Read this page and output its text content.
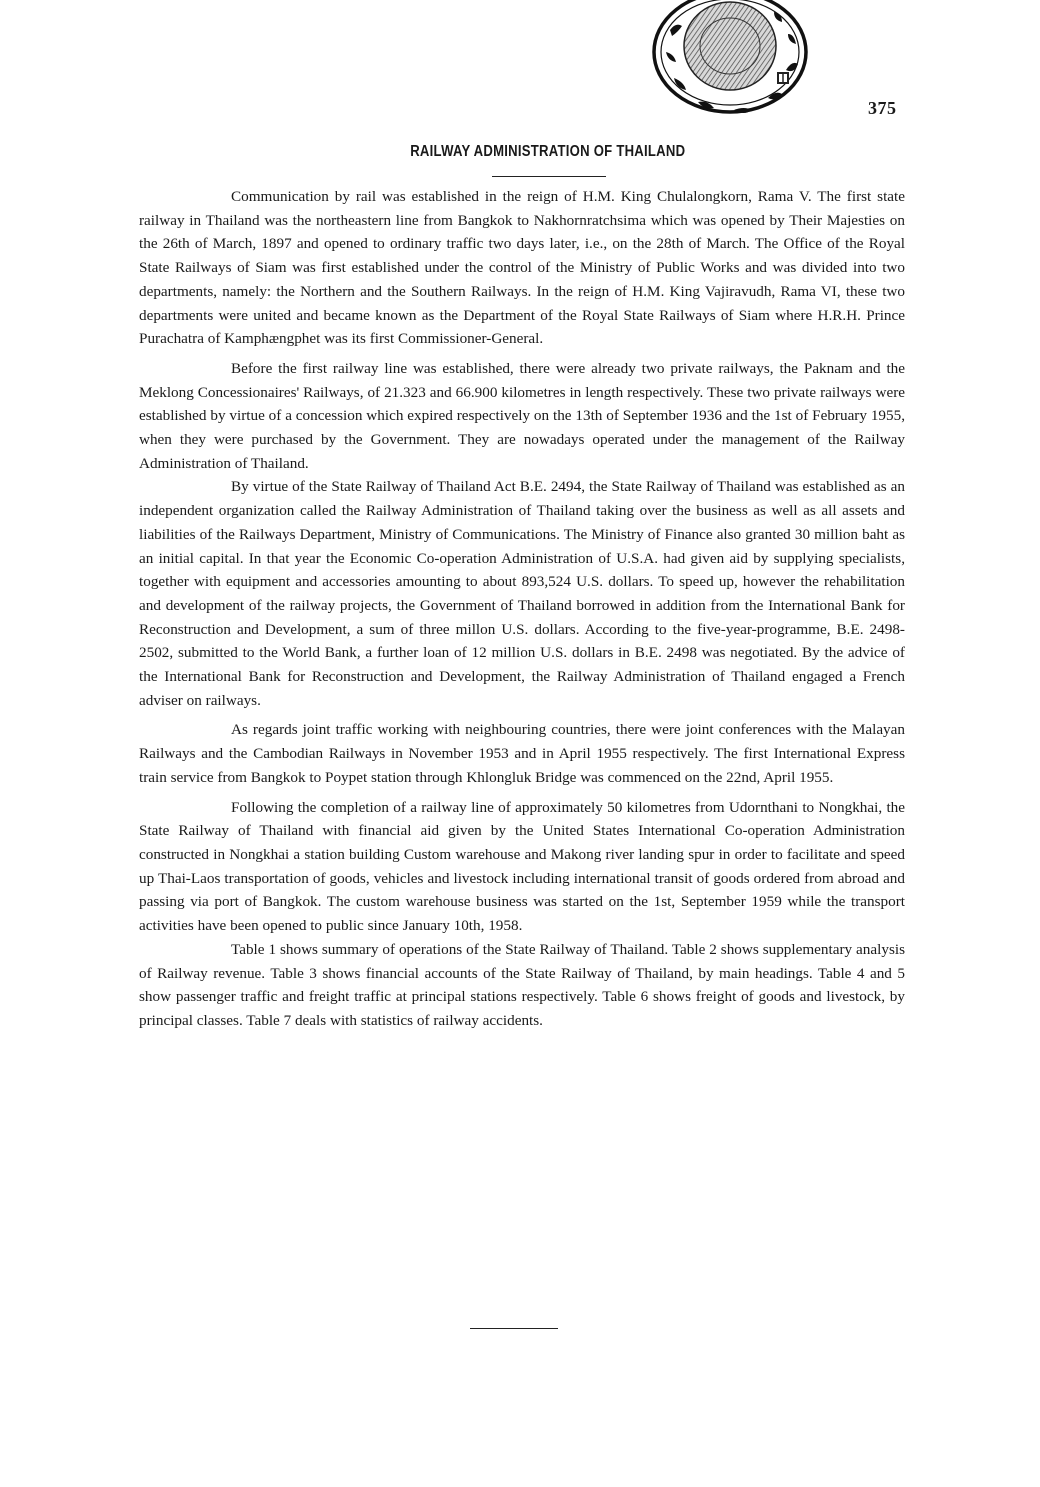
375
RAILWAY ADMINISTRATION OF THAILAND

Communication by rail was established in the reign of H.M. King Chulalongkorn, Rama V. The first state railway in Thailand was the northeastern line from Bangkok to Nakhornratchsima which was opened by Their Majesties on the 26th of March, 1897 and opened to ordinary traffic two days later, i.e., on the 28th of March. The Office of the Royal State Railways of Siam was first established under the control of the Ministry of Public Works and was divided into two departments, namely: the Northern and the Southern Railways. In the reign of H.M. King Vajiravudh, Rama VI, these two departments were united and became known as the Department of the Royal State Railways of Siam where H.R.H. Prince Purachatra of Kamphængphet was its first Commissioner-General.

Before the first railway line was established, there were already two private railways, the Paknam and the Meklong Concessionaires' Railways, of 21.323 and 66.900 kilometres in length respectively. These two private railways were established by virtue of a concession which expired respectively on the 13th of September 1936 and the 1st of February 1955, when they were purchased by the Government. They are nowadays operated under the management of the Railway Administration of Thailand.

By virtue of the State Railway of Thailand Act B.E. 2494, the State Railway of Thailand was established as an independent organization called the Railway Administration of Thailand taking over the business as well as all assets and liabilities of the Railways Department, Ministry of Communications. The Ministry of Finance also granted 30 million baht as an initial capital. In that year the Economic Co-operation Administration of U.S.A. had given aid by supplying specialists, together with equipment and accessories amounting to about 893,524 U.S. dollars. To speed up, however the rehabilitation and development of the railway projects, the Government of Thailand borrowed in addition from the International Bank for Reconstruction and Development, a sum of three millon U.S. dollars. According to the five-year-programme, B.E. 2498-2502, submitted to the World Bank, a further loan of 12 million U.S. dollars in B.E. 2498 was negotiated. By the advice of the International Bank for Reconstruction and Development, the Railway Administration of Thailand engaged a French adviser on railways.

As regards joint traffic working with neighbouring countries, there were joint conferences with the Malayan Railways and the Cambodian Railways in November 1953 and in April 1955 respectively. The first International Express train service from Bangkok to Poypet station through Khlongluk Bridge was commenced on the 22nd, April 1955.

Following the completion of a railway line of approximately 50 kilometres from Udornthani to Nongkhai, the State Railway of Thailand with financial aid given by the United States International Co-operation Administration constructed in Nongkhai a station building Custom warehouse and Makong river landing spur in order to facilitate and speed up Thai-Laos transportation of goods, vehicles and livestock including international transit of goods ordered from abroad and passing via port of Bangkok. The custom warehouse business was started on the 1st, September 1959 while the transport activities have been opened to public since January 10th, 1958.

Table 1 shows summary of operations of the State Railway of Thailand. Table 2 shows supplementary analysis of Railway revenue. Table 3 shows financial accounts of the State Railway of Thailand, by main headings. Table 4 and 5 show passenger traffic and freight traffic at principal stations respectively. Table 6 shows freight of goods and livestock, by principal classes. Table 7 deals with statistics of railway accidents.
